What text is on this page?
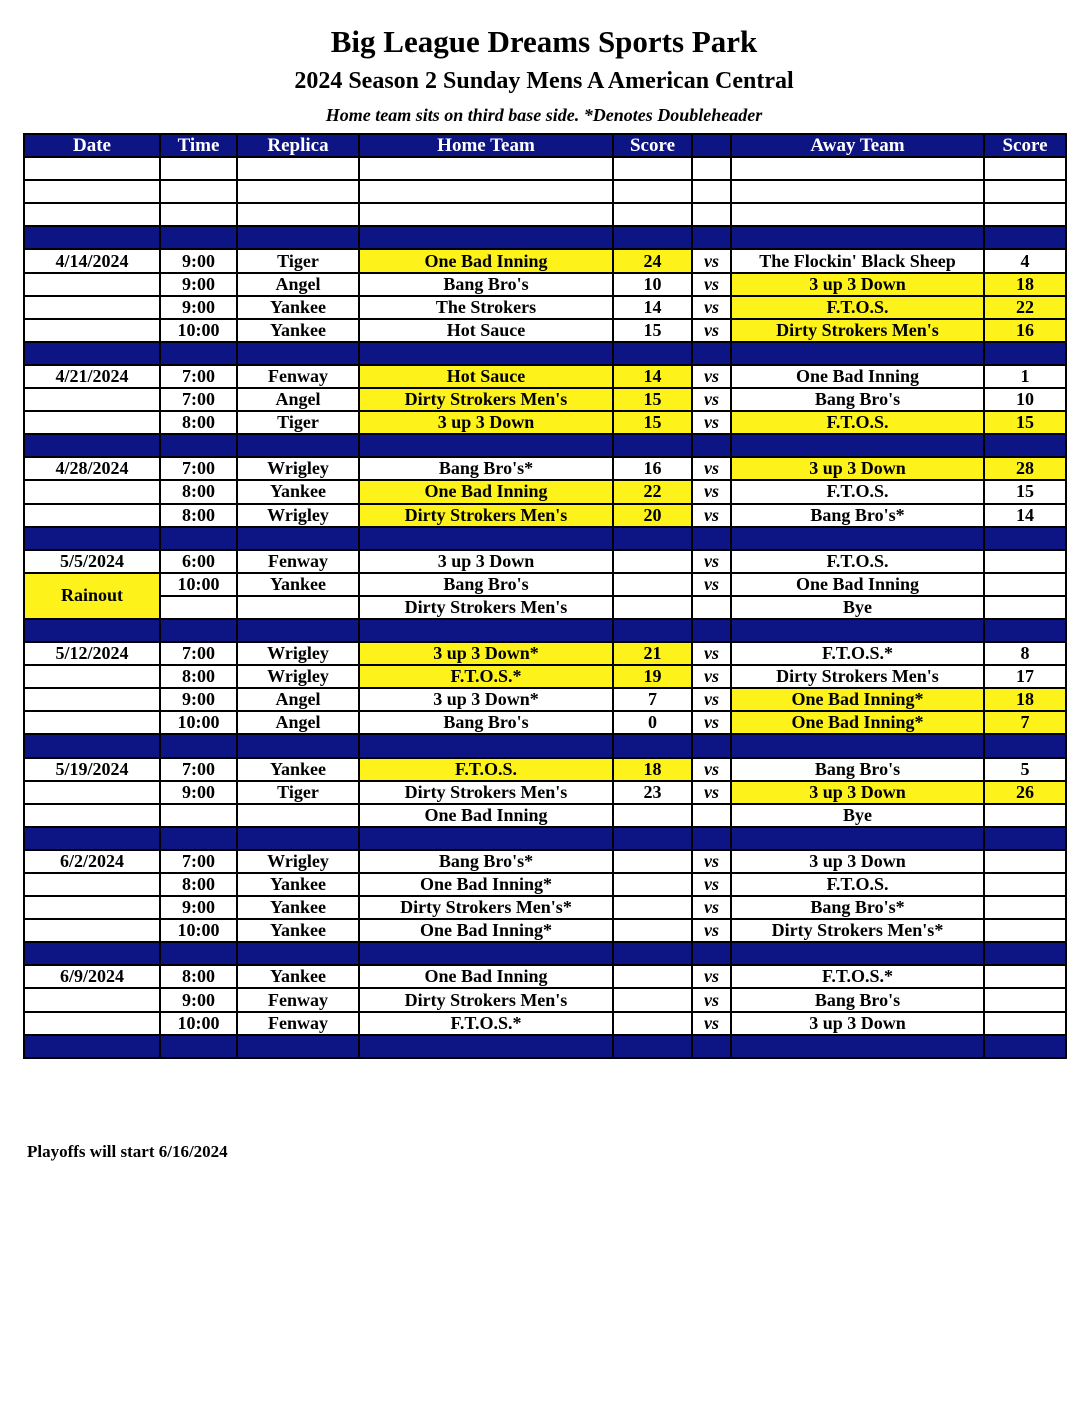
Big League Dreams Sports Park
2024 Season 2 Sunday Mens A American Central
Home team sits on third base side. *Denotes Doubleheader
Date	Time	Replica	Home Team	Score		Away Team	Score

4/14/2024	9:00	Tiger	One Bad Inning	24	vs	The Flockin' Black Sheep	4
	9:00	Angel	Bang Bro's	10	vs	3 up 3 Down	18
	9:00	Yankee	The Strokers	14	vs	F.T.O.S.	22
	10:00	Yankee	Hot Sauce	15	vs	Dirty Strokers Men's	16

4/21/2024	7:00	Fenway	Hot Sauce	14	vs	One Bad Inning	1
	7:00	Angel	Dirty Strokers Men's	15	vs	Bang Bro's	10
	8:00	Tiger	3 up 3 Down	15	vs	F.T.O.S.	15

4/28/2024	7:00	Wrigley	Bang Bro's*	16	vs	3 up 3 Down	28
	8:00	Yankee	One Bad Inning	22	vs	F.T.O.S.	15
	8:00	Wrigley	Dirty Strokers Men's	20	vs	Bang Bro's*	14

5/5/2024	6:00	Fenway	3 up 3 Down		vs	F.T.O.S.	
Rainout	10:00	Yankee	Bang Bro's		vs	One Bad Inning	
			Dirty Strokers Men's			Bye	

5/12/2024	7:00	Wrigley	3 up 3 Down*	21	vs	F.T.O.S.*	8
	8:00	Wrigley	F.T.O.S.*	19	vs	Dirty Strokers Men's	17
	9:00	Angel	3 up 3 Down*	7	vs	One Bad Inning*	18
	10:00	Angel	Bang Bro's	0	vs	One Bad Inning*	7

5/19/2024	7:00	Yankee	F.T.O.S.	18	vs	Bang Bro's	5
	9:00	Tiger	Dirty Strokers Men's	23	vs	3 up 3 Down	26
			One Bad Inning			Bye	

6/2/2024	7:00	Wrigley	Bang Bro's*		vs	3 up 3 Down	
	8:00	Yankee	One Bad Inning*		vs	F.T.O.S.	
	9:00	Yankee	Dirty Strokers Men's*		vs	Bang Bro's*	
	10:00	Yankee	One Bad Inning*		vs	Dirty Strokers Men's*	

6/9/2024	8:00	Yankee	One Bad Inning		vs	F.T.O.S.*	
	9:00	Fenway	Dirty Strokers Men's		vs	Bang Bro's	
	10:00	Fenway	F.T.O.S.*		vs	3 up 3 Down	

Playoffs will start 6/16/2024
